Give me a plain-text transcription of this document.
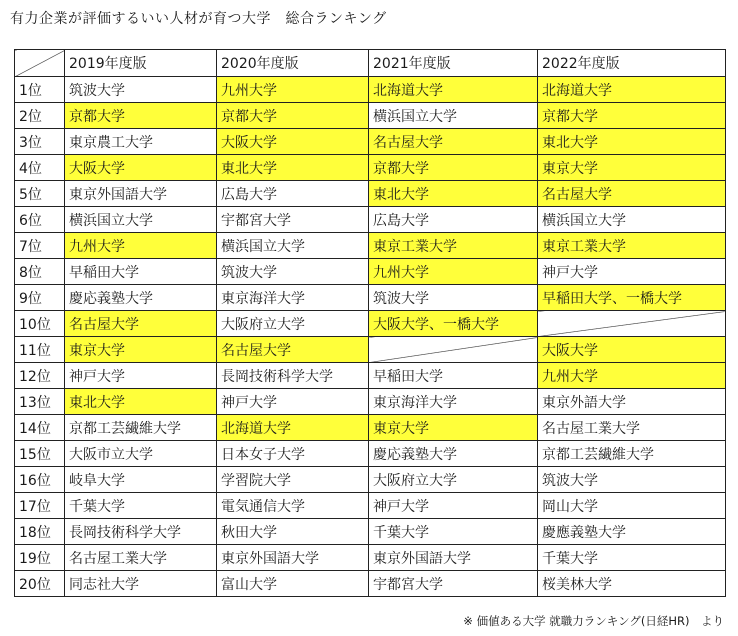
有力企業が評価するいい人材が育つ大学　総合ランキング
	2019年度版	2020年度版	2021年度版	2022年度版
1位	筑波大学	九州大学	北海道大学	北海道大学
2位	京都大学	京都大学	横浜国立大学	京都大学
3位	東京農工大学	大阪大学	名古屋大学	東北大学
4位	大阪大学	東北大学	京都大学	東京大学
5位	東京外国語大学	広島大学	東北大学	名古屋大学
6位	横浜国立大学	宇都宮大学	広島大学	横浜国立大学
7位	九州大学	横浜国立大学	東京工業大学	東京工業大学
8位	早稲田大学	筑波大学	九州大学	神戸大学
9位	慶応義塾大学	東京海洋大学	筑波大学	早稲田大学、一橋大学
10位	名古屋大学	大阪府立大学	大阪大学、一橋大学	
11位	東京大学	名古屋大学		大阪大学
12位	神戸大学	長岡技術科学大学	早稲田大学	九州大学
13位	東北大学	神戸大学	東京海洋大学	東京外語大学
14位	京都工芸繊維大学	北海道大学	東京大学	名古屋工業大学
15位	大阪市立大学	日本女子大学	慶応義塾大学	京都工芸繊維大学
16位	岐阜大学	学習院大学	大阪府立大学	筑波大学
17位	千葉大学	電気通信大学	神戸大学	岡山大学
18位	長岡技術科学大学	秋田大学	千葉大学	慶應義塾大学
19位	名古屋工業大学	東京外国語大学	東京外国語大学	千葉大学
20位	同志社大学	富山大学	宇都宮大学	桜美林大学
※ 価値ある大学 就職力ランキング(日経HR)　より
